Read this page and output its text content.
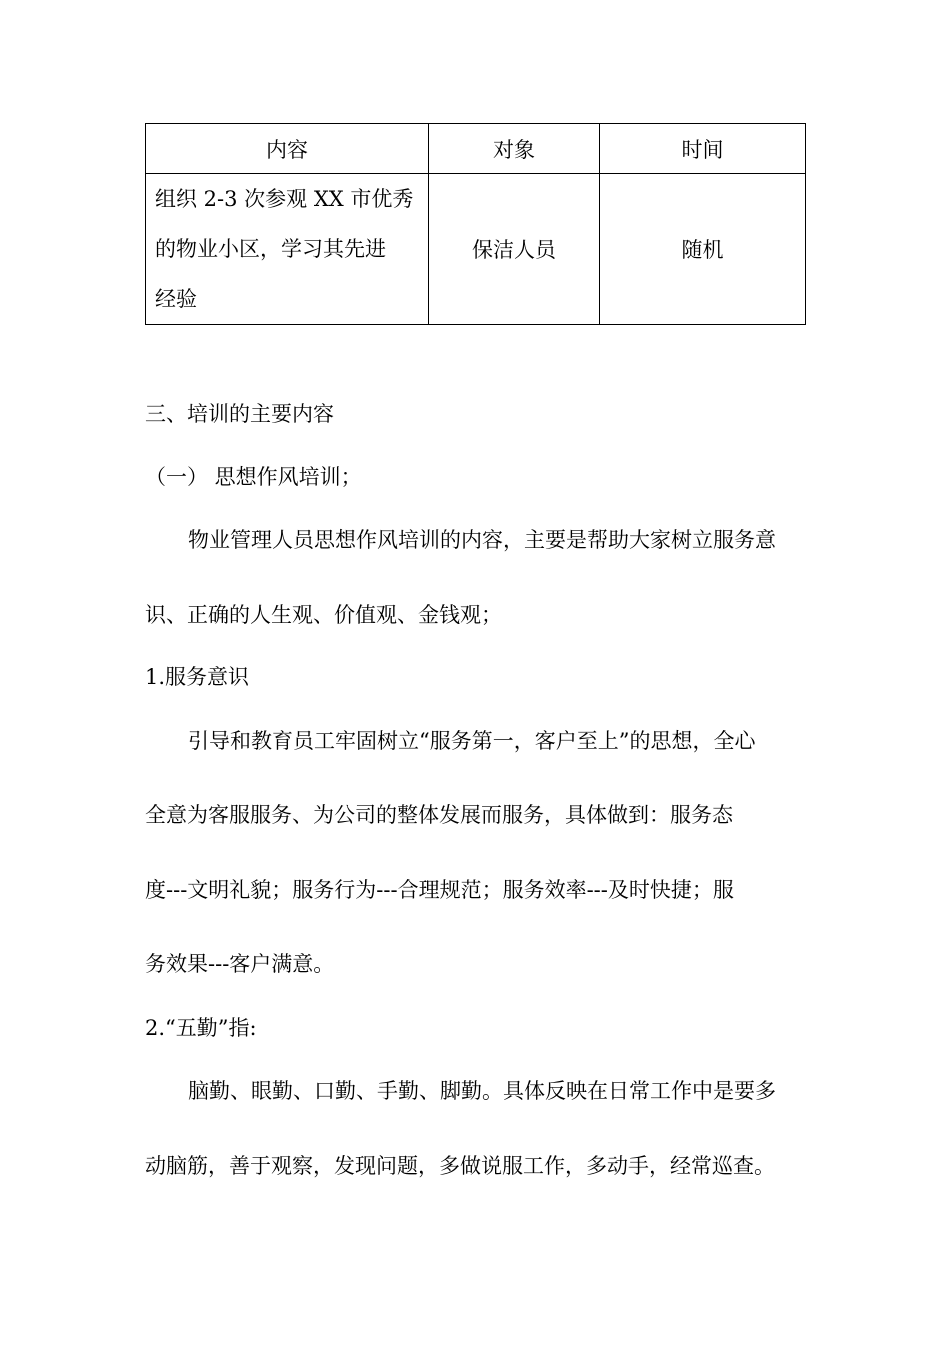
内容	对象	时间
组织 2-3 次参观 XX 市优秀
的物业小区，学习其先进
经验	保洁人员	随机
三、培训的主要内容
（一） 思想作风培训；
物业管理人员思想作风培训的内容，主要是帮助大家树立服务意
识、正确的人生观、价值观、金钱观；
1.服务意识
引导和教育员工牢固树立“服务第一，客户至上”的思想，全心
全意为客服服务、为公司的整体发展而服务，具体做到：服务态
度---文明礼貌；服务行为---合理规范；服务效率---及时快捷；服
务效果---客户满意。
2.“五勤”指:
脑勤、眼勤、口勤、手勤、脚勤。具体反映在日常工作中是要多
动脑筋，善于观察，发现问题，多做说服工作，多动手，经常巡查。
